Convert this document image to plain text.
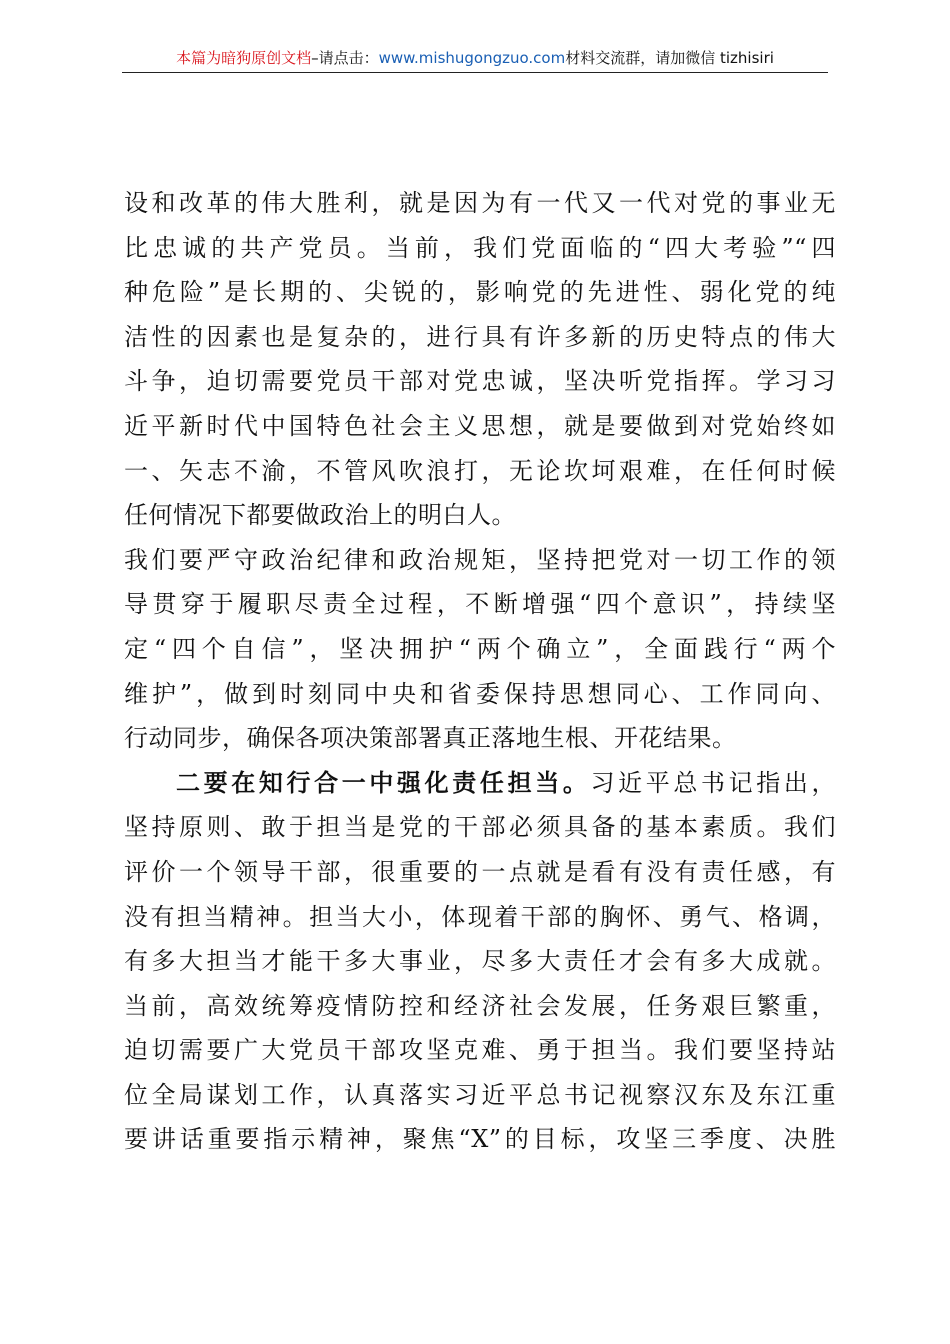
本篇为暗狗原创文档–请点击：www.mishugongzuo.com材料交流群，请加微信 tizhisiri
设和改革的伟大胜利，就是因为有一代又一代对党的事业无
比忠诚的共产党员。当前，我们党面临的“四大考验”“四
种危险”是长期的、尖锐的，影响党的先进性、弱化党的纯
洁性的因素也是复杂的，进行具有许多新的历史特点的伟大
斗争，迫切需要党员干部对党忠诚，坚决听党指挥。学习习
近平新时代中国特色社会主义思想，就是要做到对党始终如
一、矢志不渝，不管风吹浪打，无论坎坷艰难，在任何时候
任何情况下都要做政治上的明白人。
我们要严守政治纪律和政治规矩，坚持把党对一切工作的领
导贯穿于履职尽责全过程，不断增强“四个意识”，持续坚
定“四个自信”，坚决拥护“两个确立”，全面践行“两个
维护”，做到时刻同中央和省委保持思想同心、工作同向、
行动同步，确保各项决策部署真正落地生根、开花结果。
二要在知行合一中强化责任担当。习近平总书记指出，
坚持原则、敢于担当是党的干部必须具备的基本素质。我们
评价一个领导干部，很重要的一点就是看有没有责任感，有
没有担当精神。担当大小，体现着干部的胸怀、勇气、格调，
有多大担当才能干多大事业，尽多大责任才会有多大成就。
当前，高效统筹疫情防控和经济社会发展，任务艰巨繁重，
迫切需要广大党员干部攻坚克难、勇于担当。我们要坚持站
位全局谋划工作，认真落实习近平总书记视察汉东及东江重
要讲话重要指示精神，聚焦“X”的目标，攻坚三季度、决胜
